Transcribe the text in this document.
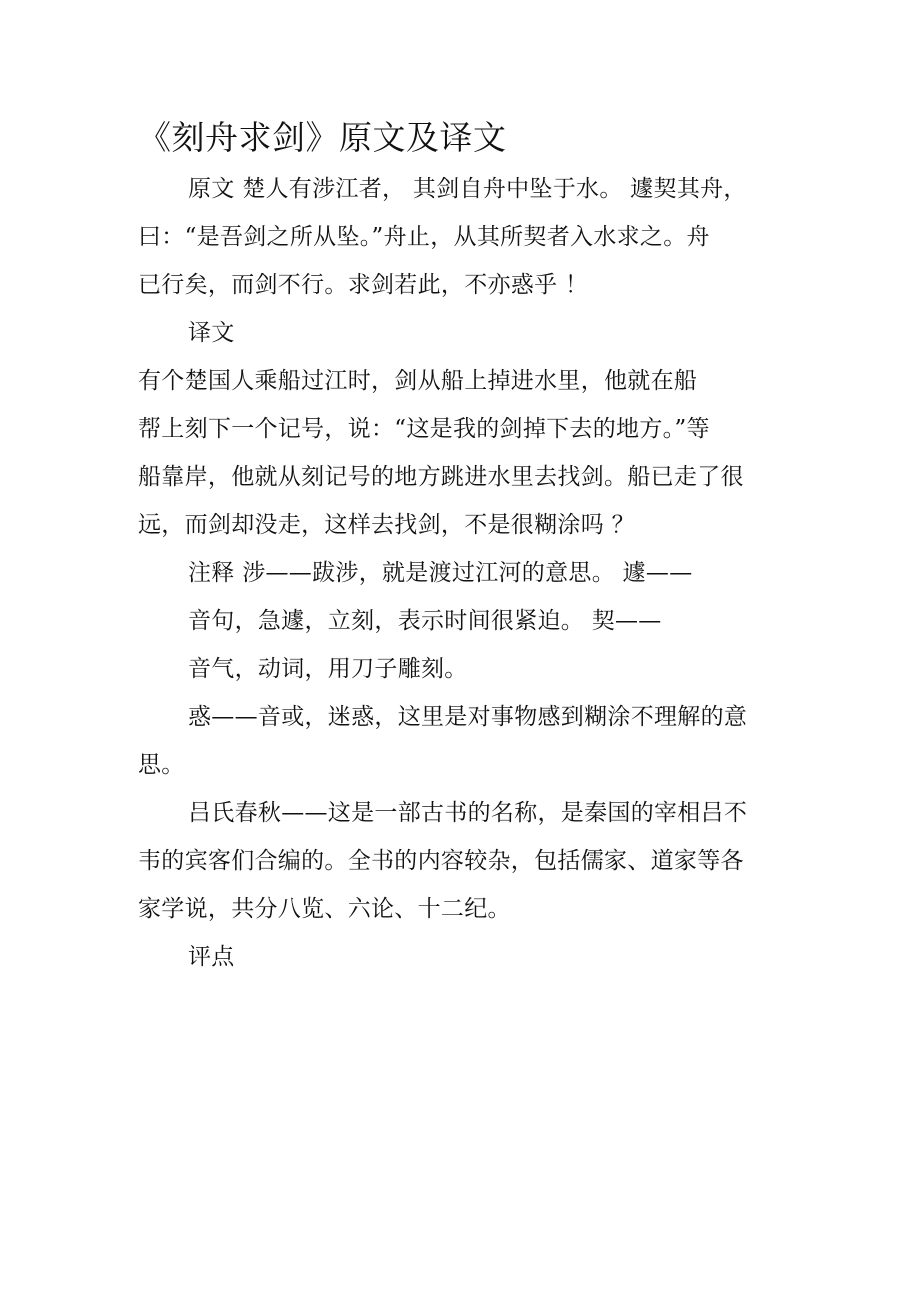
《刻舟求剑》原文及译文
原文 楚人有涉江者， 其剑自舟中坠于水。 遽契其舟，
曰：“是吾剑之所从坠。”舟止，从其所契者入水求之。舟
已行矣，而剑不行。求剑若此，不亦惑乎 ！
译文
有个楚国人乘船过江时，剑从船上掉进水里，他就在船
帮上刻下一个记号，说：“这是我的剑掉下去的地方。”等
船靠岸，他就从刻记号的地方跳进水里去找剑。船已走了很
远，而剑却没走，这样去找剑，不是很糊涂吗 ？
注释 涉——跋涉，就是渡过江河的意思。 遽——
音句，急遽，立刻，表示时间很紧迫。 契——
音气，动词，用刀子雕刻。
惑——音或，迷惑，这里是对事物感到糊涂不理解的意
思。
吕氏春秋——这是一部古书的名称，是秦国的宰相吕不
韦的宾客们合编的。全书的内容较杂，包括儒家、道家等各
家学说，共分八览、六论、十二纪。
评点
